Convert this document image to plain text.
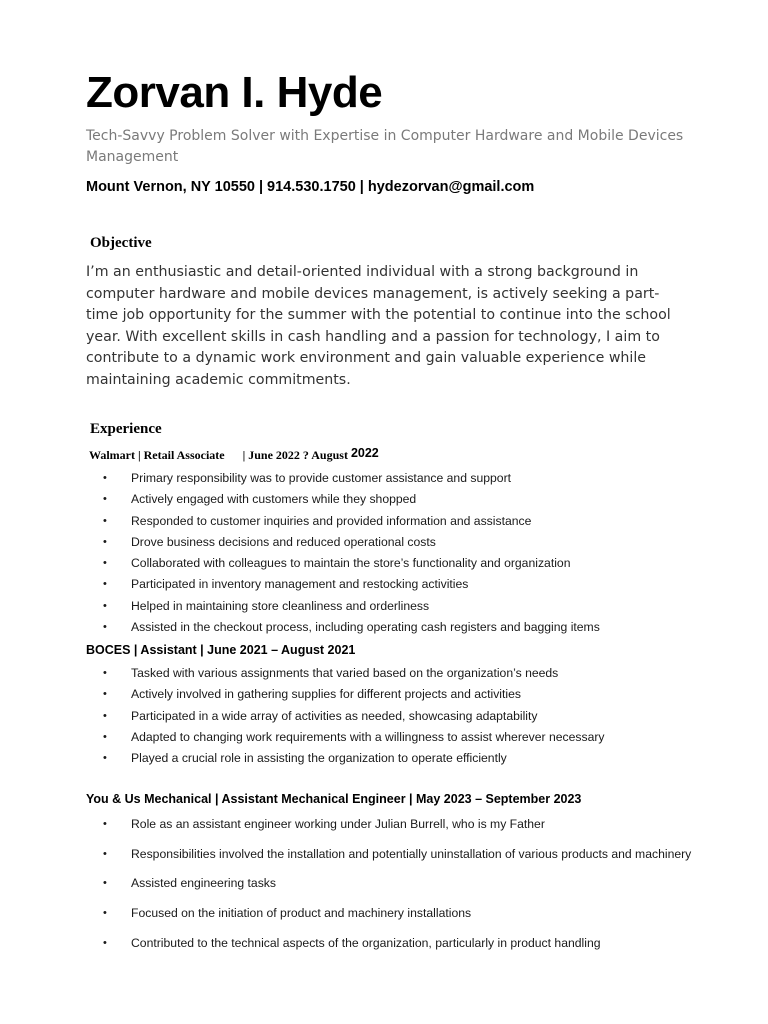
Zorvan I. Hyde
Tech-Savvy Problem Solver with Expertise in Computer Hardware and Mobile Devices Management
Mount Vernon, NY 10550 | 914.530.1750 | hydezorvan@gmail.com
Objective
I’m an enthusiastic and detail-oriented individual with a strong background in computer hardware and mobile devices management, is actively seeking a part-time job opportunity for the summer with the potential to continue into the school year. With excellent skills in cash handling and a passion for technology, I aim to contribute to a dynamic work environment and gain valuable experience while maintaining academic commitments.
Experience
Walmart | Retail Associate      | June 2022 ? August 2022
• Primary responsibility was to provide customer assistance and support
• Actively engaged with customers while they shopped
• Responded to customer inquiries and provided information and assistance
• Drove business decisions and reduced operational costs
• Collaborated with colleagues to maintain the store’s functionality and organization
• Participated in inventory management and restocking activities
• Helped in maintaining store cleanliness and orderliness
• Assisted in the checkout process, including operating cash registers and bagging items
BOCES | Assistant | June 2021 – August 2021
• Tasked with various assignments that varied based on the organization’s needs
• Actively involved in gathering supplies for different projects and activities
• Participated in a wide array of activities as needed, showcasing adaptability
• Adapted to changing work requirements with a willingness to assist wherever necessary
• Played a crucial role in assisting the organization to operate efficiently
You & Us Mechanical | Assistant Mechanical Engineer | May 2023 – September 2023
• Role as an assistant engineer working under Julian Burrell, who is my Father
• Responsibilities involved the installation and potentially uninstallation of various products and machinery
• Assisted engineering tasks
• Focused on the initiation of product and machinery installations
• Contributed to the technical aspects of the organization, particularly in product handling
